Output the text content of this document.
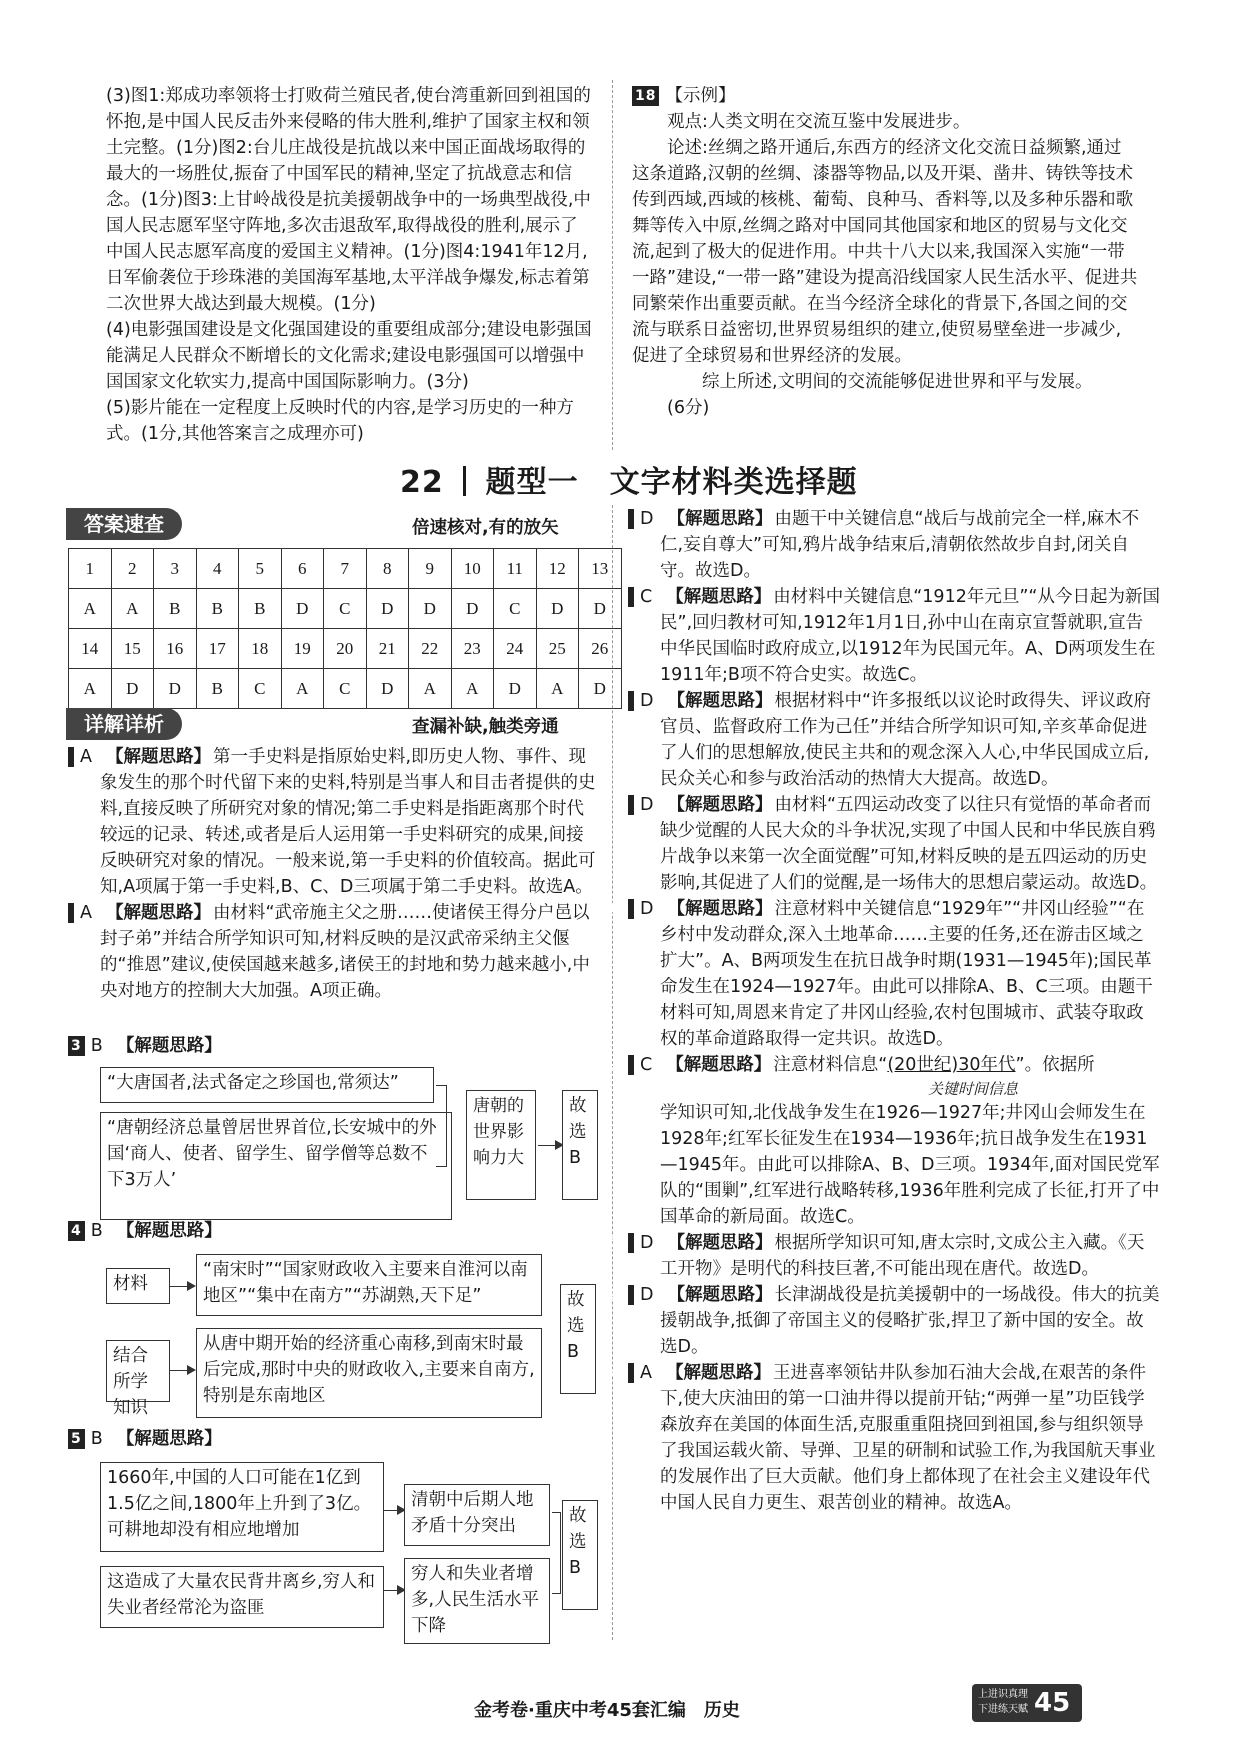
(3)图1:郑成功率领将士打败荷兰殖民者,使台湾重新回到祖国的怀抱,是中国人民反击外来侵略的伟大胜利,维护了国家主权和领土完整。(1分)图2:台儿庄战役是抗战以来中国正面战场取得的最大的一场胜仗,振奋了中国军民的精神,坚定了抗战意志和信念。(1分)图3:上甘岭战役是抗美援朝战争中的一场典型战役,中国人民志愿军坚守阵地,多次击退敌军,取得战役的胜利,展示了中国人民志愿军高度的爱国主义精神。(1分)图4:1941年12月,日军偷袭位于珍珠港的美国海军基地,太平洋战争爆发,标志着第二次世界大战达到最大规模。(1分)

(4)电影强国建设是文化强国建设的重要组成部分;建设电影强国能满足人民群众不断增长的文化需求;建设电影强国可以增强中国国家文化软实力,提高中国国际影响力。(3分)

(5)影片能在一定程度上反映时代的内容,是学习历史的一种方式。(1分,其他答案言之成理亦可)

18 【示例】

观点:人类文明在交流互鉴中发展进步。

论述:丝绸之路开通后,东西方的经济文化交流日益频繁,通过这条道路,汉朝的丝绸、漆器等物品,以及开渠、凿井、铸铁等技术传到西域,西域的核桃、葡萄、良种马、香料等,以及多种乐器和歌舞等传入中原,丝绸之路对中国同其他国家和地区的贸易与文化交流,起到了极大的促进作用。中共十八大以来,我国深入实施“一带一路”建设,“一带一路”建设为提高沿线国家人民生活水平、促进共同繁荣作出重要贡献。在当今经济全球化的背景下,各国之间的交流与联系日益密切,世界贸易组织的建立,使贸易壁垒进一步减少,促进了全球贸易和世界经济的发展。

综上所述,文明间的交流能够促进世界和平与发展。

(6分)

22 题型一　文字材料类选择题
答案速查	倍速核对,有的放矢
1	2	3	4	5	6	7	8	9	10	11	12	13
A	A	B	B	B	D	C	D	D	D	C	D	D
14	15	16	17	18	19	20	21	22	23	24	25	26
A	D	D	B	C	A	C	D	A	A	D	A	D
详解详析	查漏补缺,触类旁通

1 A 【解题思路】 第一手史料是指原始史料,即历史人物、事件、现象发生的那个时代留下来的史料,特别是当事人和目击者提供的史料,直接反映了所研究对象的情况;第二手史料是指距离那个时代较远的记录、转述,或者是后人运用第一手史料研究的成果,间接反映研究对象的情况。一般来说,第一手史料的价值较高。据此可知,A项属于第一手史料,B、C、D三项属于第二手史料。故选A。

2 A 【解题思路】 由材料“武帝施主父之册……使诸侯王得分户邑以封子弟”并结合所学知识可知,材料反映的是汉武帝采纳主父偃的“推恩”建议,使侯国越来越多,诸侯王的封地和势力越来越小,中央对地方的控制大大加强。A项正确。

3 B 【解题思路】
“大唐国者,法式备定之珍国也,常须达”
“唐朝经济总量曾居世界首位,长安城中的外国‘商人、使者、留学生、留学僧等总数不下3万人’
唐朝的世界影响力大
故选B
4 B 【解题思路】
材料
“南宋时”“国家财政收入主要来自淮河以南地区”“集中在南方”“苏湖熟,天下足”
结合所学知识
从唐中期开始的经济重心南移,到南宋时最后完成,那时中央的财政收入,主要来自南方,特别是东南地区
故选B
5 B 【解题思路】
1660年,中国的人口可能在1亿到1.5亿之间,1800年上升到了3亿。可耕地却没有相应地增加
清朝中后期人地矛盾十分突出
这造成了大量农民背井离乡,穷人和失业者经常沦为盗匪
穷人和失业者增多,人民生活水平下降
故选B

6 D 【解题思路】 由题干中关键信息“战后与战前完全一样,麻木不仁,妄自尊大”可知,鸦片战争结束后,清朝依然故步自封,闭关自守。故选D。

7 C 【解题思路】 由材料中关键信息“1912年元旦”“从今日起为新国民”,回归教材可知,1912年1月1日,孙中山在南京宣誓就职,宣告中华民国临时政府成立,以1912年为民国元年。A、D两项发生在1911年;B项不符合史实。故选C。

8 D 【解题思路】 根据材料中“许多报纸以议论时政得失、评议政府官员、监督政府工作为己任”并结合所学知识可知,辛亥革命促进了人们的思想解放,使民主共和的观念深入人心,中华民国成立后,民众关心和参与政治活动的热情大大提高。故选D。

9 D 【解题思路】 由材料“五四运动改变了以往只有觉悟的革命者而缺少觉醒的人民大众的斗争状况,实现了中国人民和中华民族自鸦片战争以来第一次全面觉醒”可知,材料反映的是五四运动的历史影响,其促进了人们的觉醒,是一场伟大的思想启蒙运动。故选D。

10 D 【解题思路】 注意材料中关键信息“1929年”“井冈山经验”“在乡村中发动群众,深入土地革命……主要的任务,还在游击区域之扩大”。A、B两项发生在抗日战争时期(1931—1945年);国民革命发生在1924—1927年。由此可以排除A、B、C三项。由题干材料可知,周恩来肯定了井冈山经验,农村包围城市、武装夺取政权的革命道路取得一定共识。故选D。

11 C 【解题思路】 注意材料信息“(20世纪)30年代”。依据所

关键时间信息

学知识可知,北伐战争发生在1926—1927年;井冈山会师发生在1928年;红军长征发生在1934—1936年;抗日战争发生在1931—1945年。由此可以排除A、B、D三项。1934年,面对国民党军队的“围剿”,红军进行战略转移,1936年胜利完成了长征,打开了中国革命的新局面。故选C。

12 D 【解题思路】 根据所学知识可知,唐太宗时,文成公主入藏。《天工开物》是明代的科技巨著,不可能出现在唐代。故选D。

13 D 【解题思路】 长津湖战役是抗美援朝中的一场战役。伟大的抗美援朝战争,抵御了帝国主义的侵略扩张,捍卫了新中国的安全。故选D。

14 A 【解题思路】 王进喜率领钻井队参加石油大会战,在艰苦的条件下,使大庆油田的第一口油井得以提前开钻;“两弹一星”功臣钱学森放弃在美国的体面生活,克服重重阻挠回到祖国,参与组织领导了我国运载火箭、导弹、卫星的研制和试验工作,为我国航天事业的发展作出了巨大贡献。他们身上都体现了在社会主义建设年代中国人民自力更生、艰苦创业的精神。故选A。

金考卷·重庆中考45套汇编　历史
上进识真理
下进练天赋 45
